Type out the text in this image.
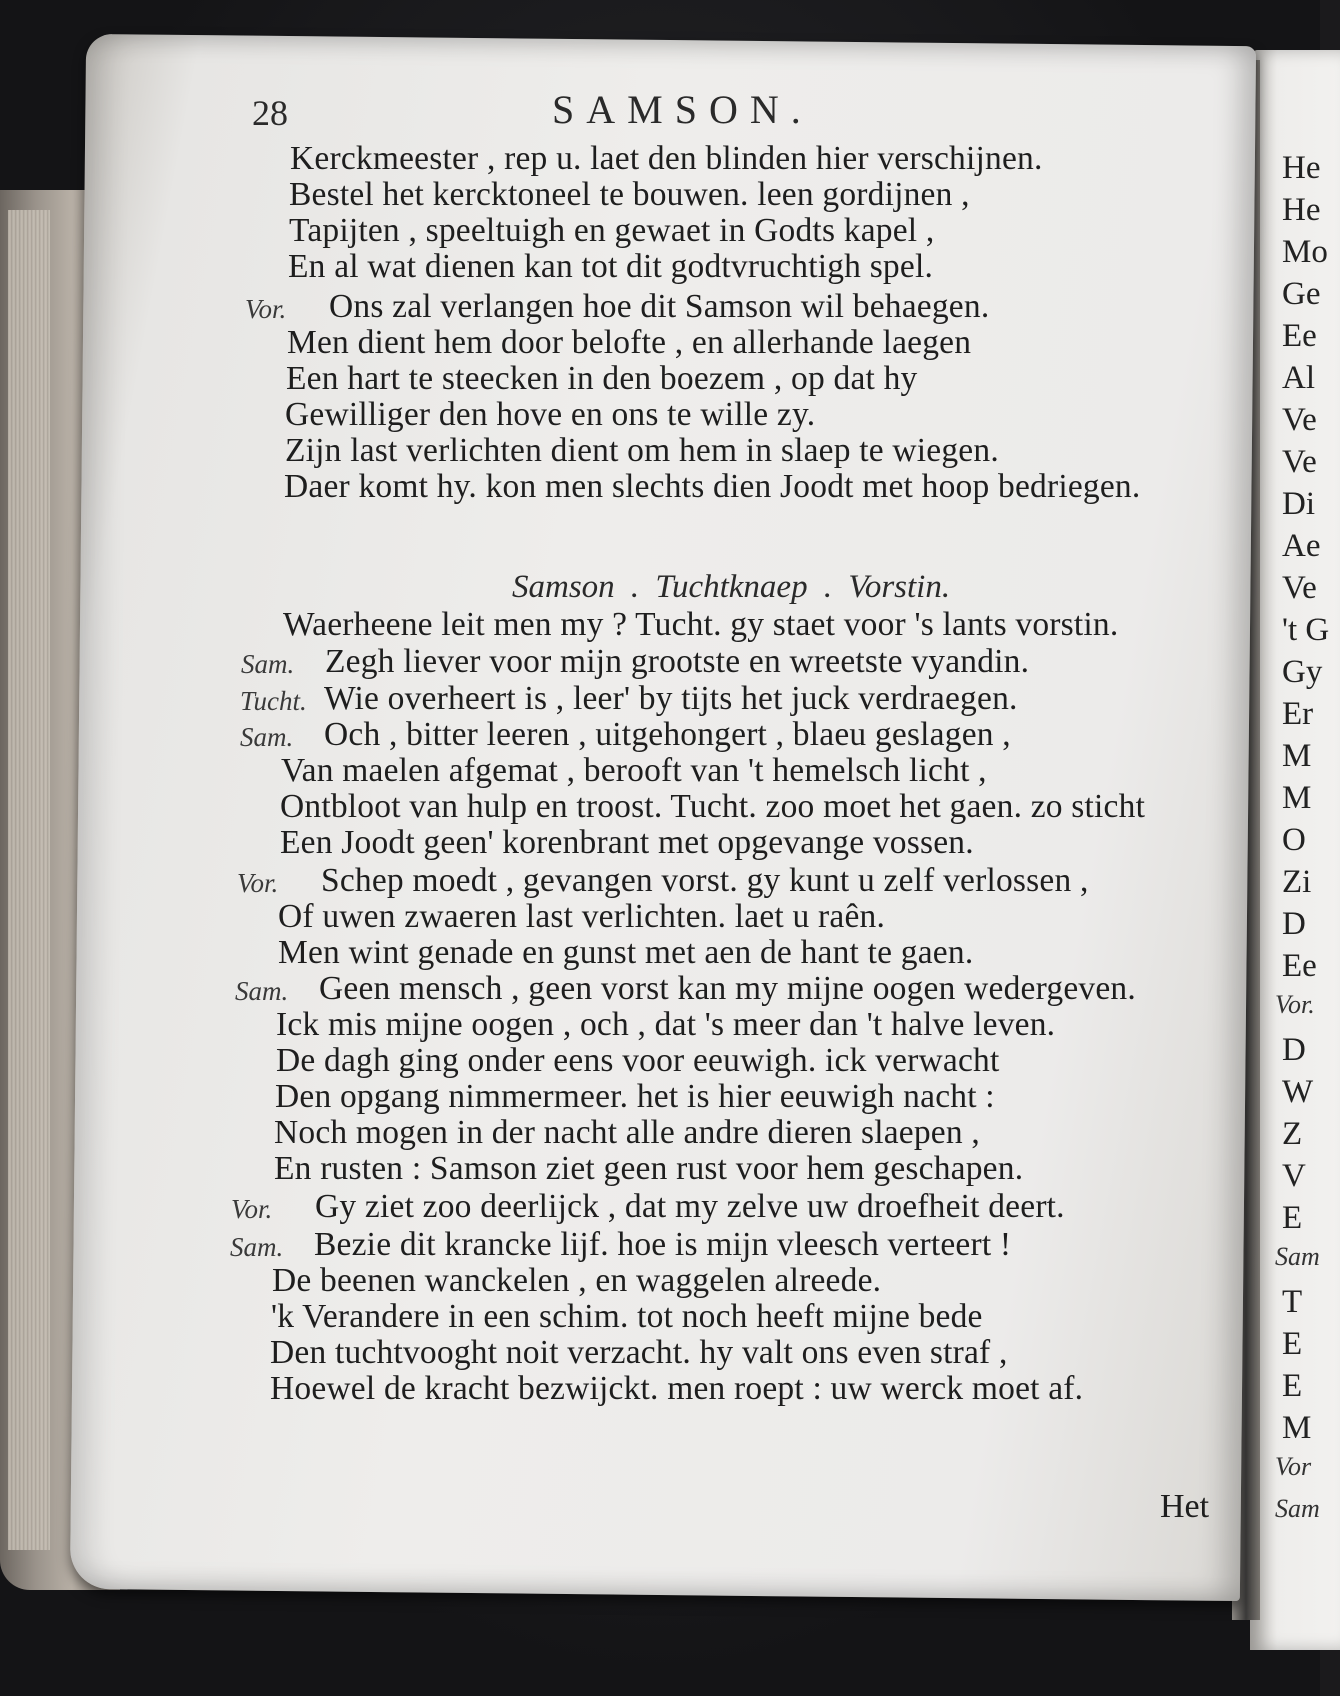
28	SAMSON.
Samson . Tuchtknaep . Vorstin.
Het
Kerckmeester , rep u. laet den blinden hier verschijnen.
Bestel het kercktoneel te bouwen. leen gordijnen ,
Tapijten , speeltuigh en gewaet in Godts kapel ,
En al wat dienen kan tot dit godtvruchtigh spel.
Vor. Ons zal verlangen hoe dit Samson wil behaegen.
Men dient hem door belofte , en allerhande laegen
Een hart te steecken in den boezem , op dat hy
Gewilliger den hove en ons te wille zy.
Zijn last verlichten dient om hem in slaep te wiegen.
Daer komt hy. kon men slechts dien Joodt met hoop bedriegen.
Waerheene leit men my ? Tucht. gy staet voor 's lants vorstin.
Sam. Zegh liever voor mijn grootste en wreetste vyandin.
Tucht. Wie overheert is , leer' by tijts het juck verdraegen.
Sam. Och , bitter leeren , uitgehongert , blaeu geslagen ,
Van maelen afgemat , berooft van 't hemelsch licht ,
Ontbloot van hulp en troost. Tucht. zoo moet het gaen. zo sticht
Een Joodt geen' korenbrant met opgevange vossen.
Vor. Schep moedt , gevangen vorst. gy kunt u zelf verlossen ,
Of uwen zwaeren last verlichten. laet u raên.
Men wint genade en gunst met aen de hant te gaen.
Sam. Geen mensch , geen vorst kan my mijne oogen wedergeven.
Ick mis mijne oogen , och , dat 's meer dan 't halve leven.
De dagh ging onder eens voor eeuwigh. ick verwacht
Den opgang nimmermeer. het is hier eeuwigh nacht :
Noch mogen in der nacht alle andre dieren slaepen ,
En rusten : Samson ziet geen rust voor hem geschapen.
Vor. Gy ziet zoo deerlijck , dat my zelve uw droefheit deert.
Sam. Bezie dit krancke lijf. hoe is mijn vleesch verteert !
De beenen wanckelen , en waggelen alreede.
'k Verandere in een schim. tot noch heeft mijne bede
Den tuchtvooght noit verzacht. hy valt ons even straf ,
Hoewel de kracht bezwijckt. men roept : uw werck moet af.
He
He
Mo
Ge
Ee
Al
Ve
Ve
Di
Ae
Ve
't G
Gy
Er
M
M
O
Zi
D
Ee
Vor.
D
W
Z
V
E
Sam
T
E
E
M
Vor
Sam
